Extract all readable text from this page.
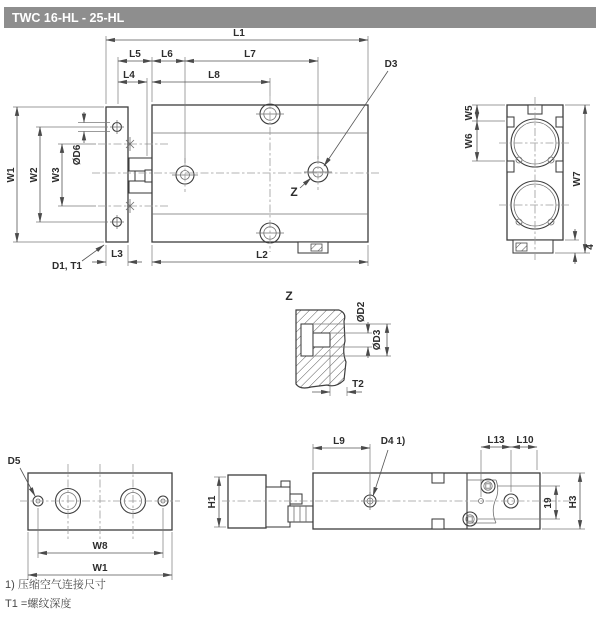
TWC 16-HL - 25-HL
L1
L5 L6	L7
L4	L8
D3
Z
W1 W2 W3
ØD6
D1, T1
L3	L2
W5
W6
W7
4
Z
ØD2
ØD3
T2
D5
W8
W1
H1
L9	D4 1)	L13 L10
19 H3
1) 压缩空气连接尺寸
T1 =螺纹深度
